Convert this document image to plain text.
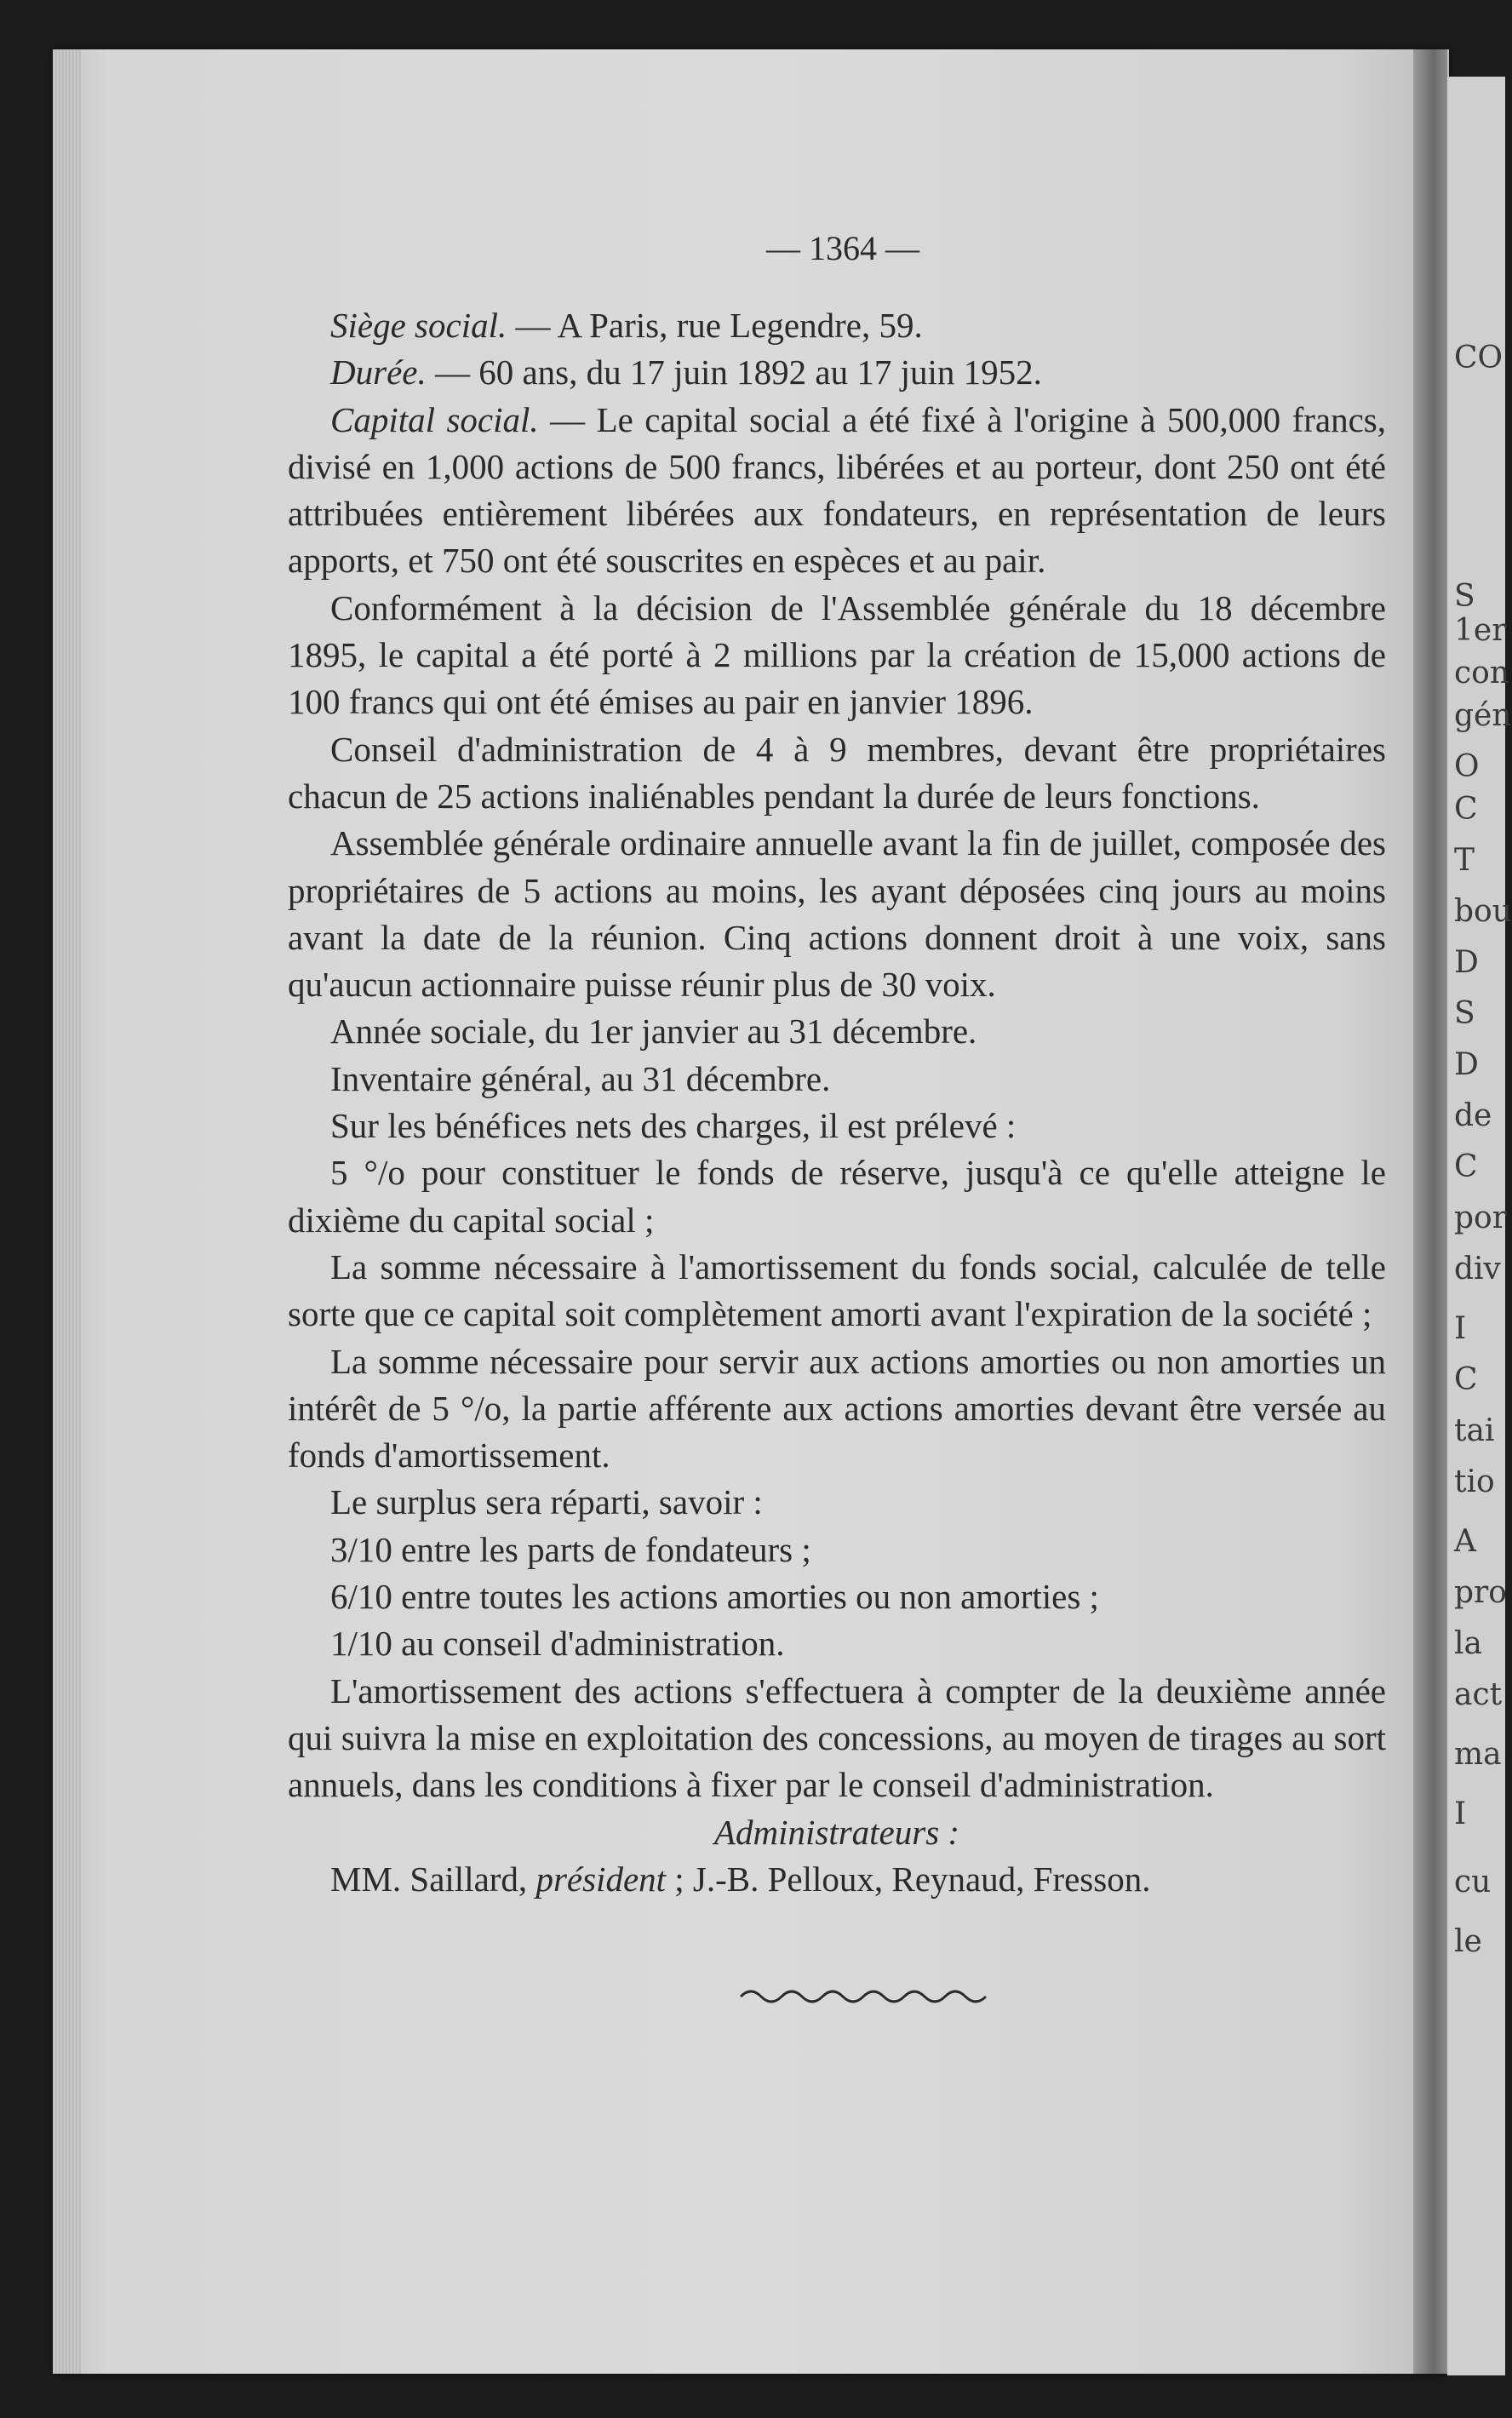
CO
S
1er
con
gén
O
C
T
bou
D
S
D
de
C
por
div
I
C
tai
tio
A
pro
la
act
ma
I
cu
le
— 1364 —

Siège social. — A Paris, rue Legendre, 59.

Durée. — 60 ans, du 17 juin 1892 au 17 juin 1952.

Capital social. — Le capital social a été fixé à l'origine à 500,000 francs, divisé en 1,000 actions de 500 francs, libérées et au porteur, dont 250 ont été attribuées entièrement libérées aux fondateurs, en représentation de leurs apports, et 750 ont été souscrites en espèces et au pair.

Conformément à la décision de l'Assemblée générale du 18 décembre 1895, le capital a été porté à 2 millions par la création de 15,000 actions de 100 francs qui ont été émises au pair en janvier 1896.

Conseil d'administration de 4 à 9 membres, devant être propriétaires chacun de 25 actions inaliénables pendant la durée de leurs fonctions.

Assemblée générale ordinaire annuelle avant la fin de juillet, composée des propriétaires de 5 actions au moins, les ayant déposées cinq jours au moins avant la date de la réunion. Cinq actions donnent droit à une voix, sans qu'aucun actionnaire puisse réunir plus de 30 voix.

Année sociale, du 1er janvier au 31 décembre.

Inventaire général, au 31 décembre.

Sur les bénéfices nets des charges, il est prélevé :

5 °/o pour constituer le fonds de réserve, jusqu'à ce qu'elle atteigne le dixième du capital social ;

La somme nécessaire à l'amortissement du fonds social, calculée de telle sorte que ce capital soit complètement amorti avant l'expiration de la société ;

La somme nécessaire pour servir aux actions amorties ou non amorties un intérêt de 5 °/o, la partie afférente aux actions amorties devant être versée au fonds d'amortissement.

Le surplus sera réparti, savoir :

3/10 entre les parts de fondateurs ;

6/10 entre toutes les actions amorties ou non amorties ;

1/10 au conseil d'administration.

L'amortissement des actions s'effectuera à compter de la deuxième année qui suivra la mise en exploitation des concessions, au moyen de tirages au sort annuels, dans les conditions à fixer par le conseil d'administration.

Administrateurs :

MM. Saillard, président ; J.-B. Pelloux, Reynaud, Fresson.
